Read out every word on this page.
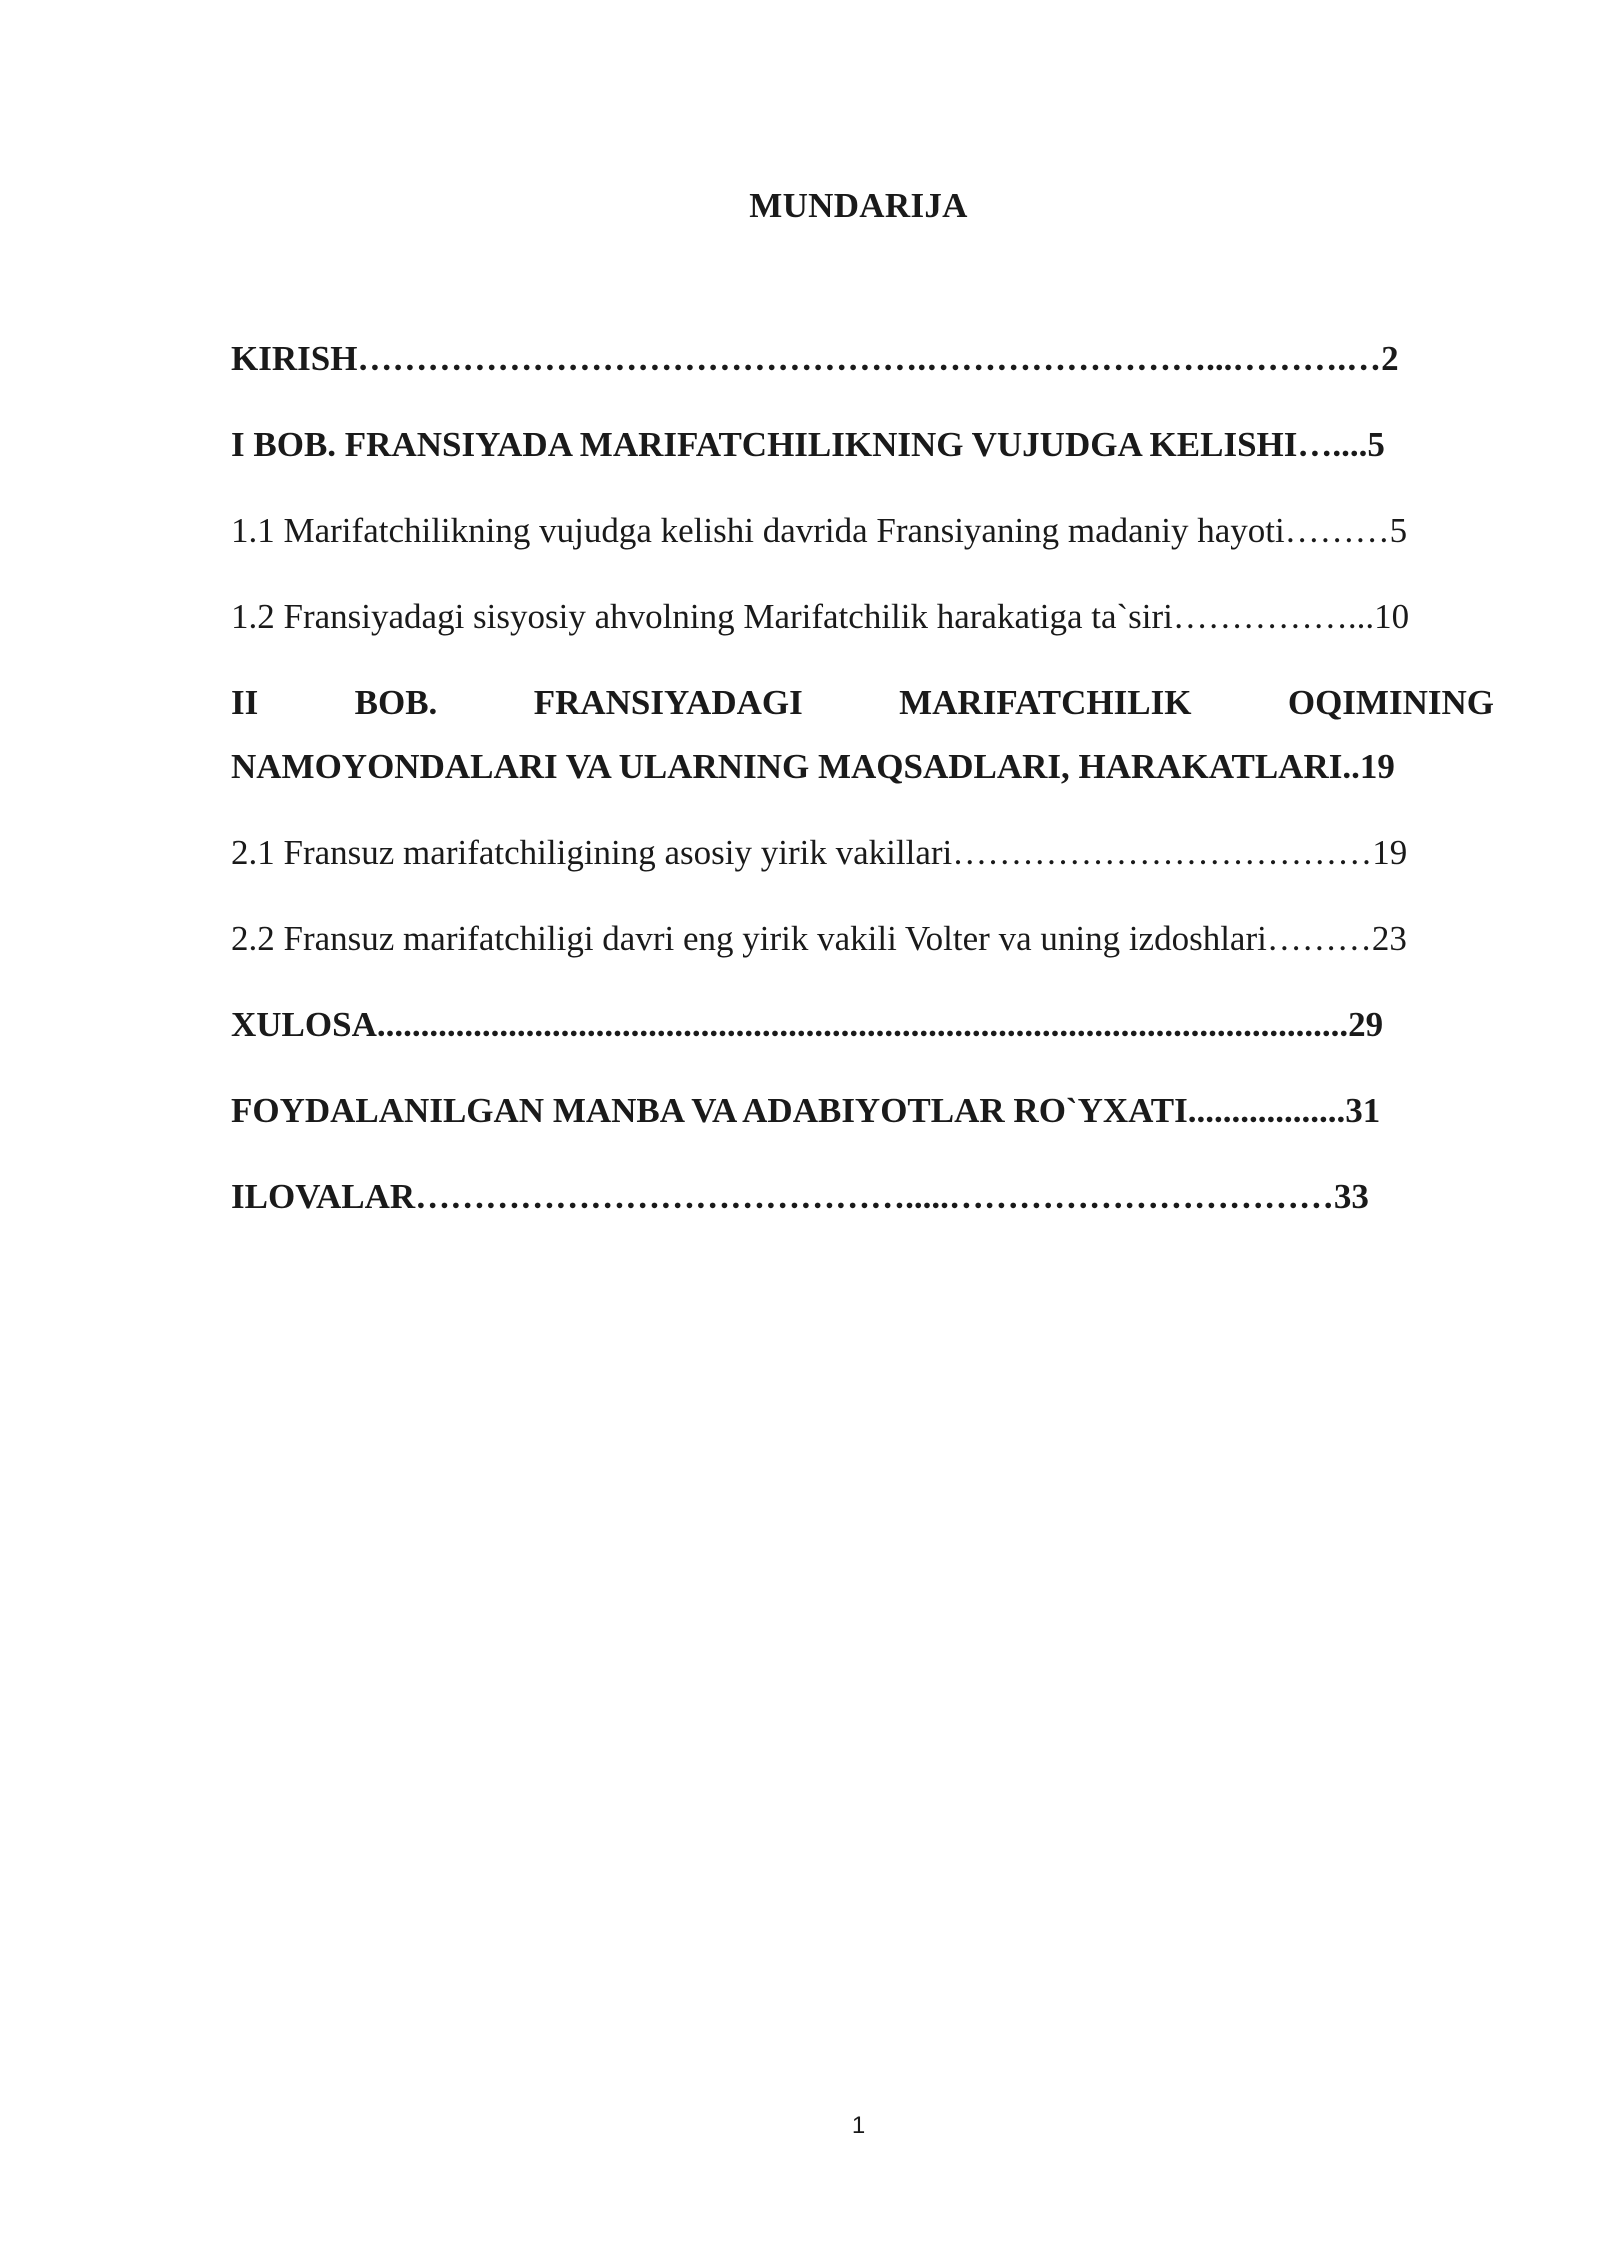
MUNDARIJA
KIRISH………………………………………….……………………...……….…2
I BOB. FRANSIYADA MARIFATCHILIKNING VUJUDGA KELISHI…....5
1.1 Marifatchilikning vujudga kelishi davrida Fransiyaning madaniy hayoti………5
1.2 Fransiyadagi sisyosiy ahvolning Marifatchilik harakatiga ta`siri……………...10
II	BOB.	FRANSIYADAGI	MARIFATCHILIK	OQIMINING
NAMOYONDALARI VA ULARNING MAQSADLARI, HARAKATLARI..19
2.1 Fransuz marifatchiligining asosiy yirik vakillari………………………………19
2.2 Fransuz marifatchiligi davri eng yirik vakili Volter va uning izdoshlari………23
XULOSA...............................................................................................................29
FOYDALANILGAN MANBA VA ADABIYOTLAR RO`YXATI..................31
ILOVALAR…………………………………….....……………………………33
1
